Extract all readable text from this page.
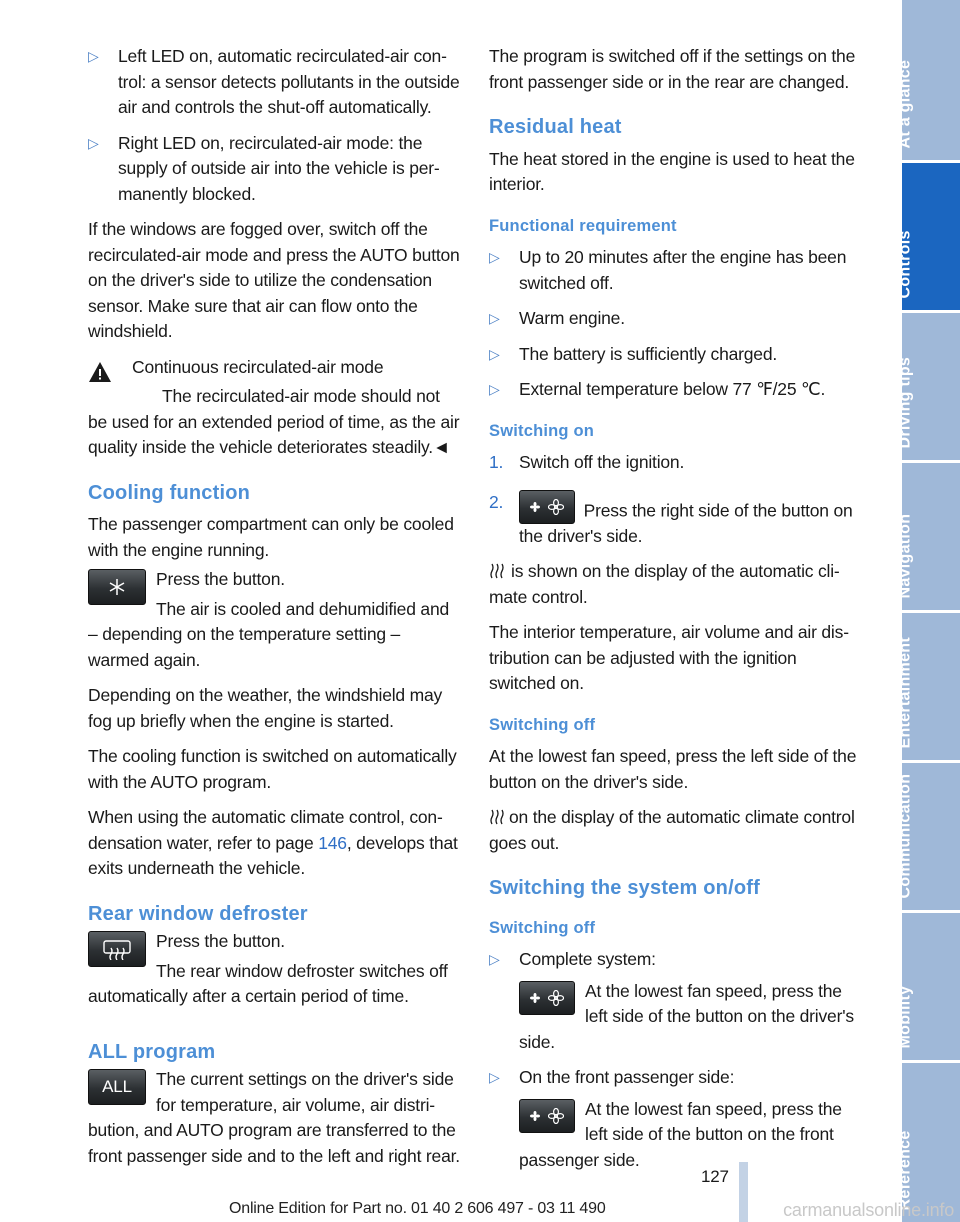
▷ Left LED on, automatic recirculated-air control: a sensor detects pollutants in the outside air and controls the shut-off automatically.
▷ Right LED on, recirculated-air mode: the supply of outside air into the vehicle is permanently blocked.

If the windows are fogged over, switch off the recirculated-air mode and press the AUTO button on the driver's side to utilize the condensation sensor. Make sure that air can flow onto the windshield.

Continuous recirculated-air mode

The recirculated-air mode should not be used for an extended period of time, as the air quality inside the vehicle deteriorates steadily.◄

Cooling function

The passenger compartment can only be cooled with the engine running.

Press the button.

The air is cooled and dehumidified and – depending on the temperature setting – warmed again.

Depending on the weather, the windshield may fog up briefly when the engine is started.

The cooling function is switched on automatically with the AUTO program.

When using the automatic climate control, condensation water, refer to page 146, develops that exits underneath the vehicle.

Rear window defroster
Press the button.

The rear window defroster switches off automatically after a certain period of time.

ALL program
ALL	The current settings on the driver's side for temperature, air volume, air distribution, and AUTO program are transferred to the front passenger side and to the left and right rear.

The program is switched off if the settings on the front passenger side or in the rear are changed.

Residual heat

The heat stored in the engine is used to heat the interior.

Functional requirement
▷ Up to 20 minutes after the engine has been switched off.
▷ Warm engine.
▷ The battery is sufficiently charged.
▷ External temperature below 77 ℉/25 ℃.
Switching on
1. Switch off the ignition.
2.	Press the right side of the button on the driver's side.

is shown on the display of the automatic climate control.

The interior temperature, air volume and air distribution can be adjusted with the ignition switched on.

Switching off

At the lowest fan speed, press the left side of the button on the driver's side.

on the display of the automatic climate control goes out.

Switching the system on/off
Switching off
▷ Complete system:
At the lowest fan speed, press the left side of the button on the driver's side.
▷ On the front passenger side:
At the lowest fan speed, press the left side of the button on the front passenger side.
At a glance
Controls
Driving tips
Navigation
Entertainment
Communication
Mobility
Reference
127
Online Edition for Part no. 01 40 2 606 497 - 03 11 490	carmanualsonline.info
